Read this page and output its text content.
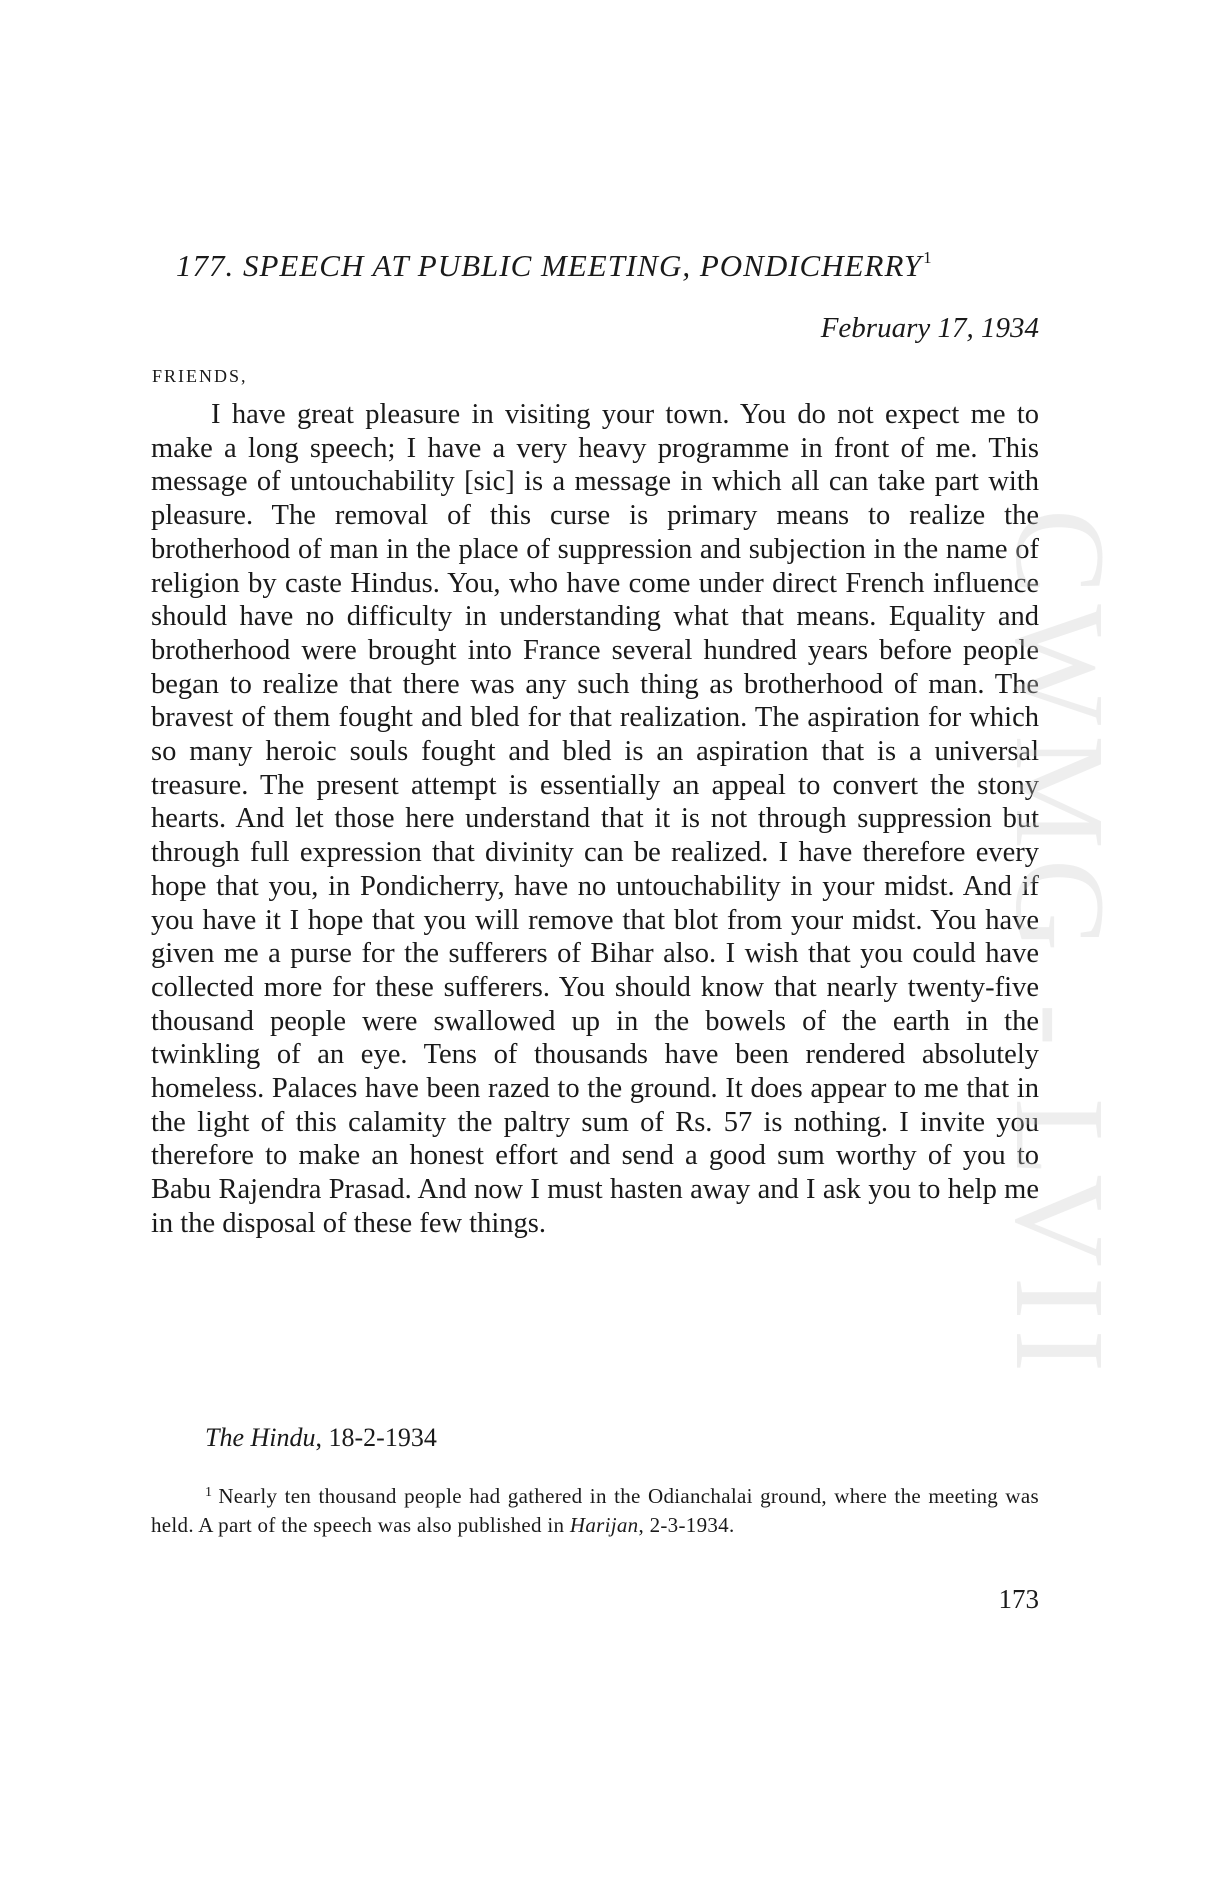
177. SPEECH AT PUBLIC MEETING, PONDICHERRY$^1$
February 17, 1934
FRIENDS,

I have great pleasure in visiting your town. You do not expect me to make a long speech; I have a very heavy programme in front of me. This message of untouchability [sic] is a message in which all can take part with pleasure. The removal of this curse is primary means to realize the brotherhood of man in the place of suppression and subjection in the name of religion by caste Hindus. You, who have come under direct French influence should have no difficulty in understanding what that means. Equality and brotherhood were brought into France several hundred years before people began to realize that there was any such thing as brotherhood of man. The bravest of them fought and bled for that realization. The aspiration for which so many heroic souls fought and bled is an aspiration that is a universal treasure. The present attempt is essentially an appeal to convert the stony hearts. And let those here understand that it is not through suppression but through full expression that divinity can be realized. I have therefore every hope that you, in Pondicherry, have no untouchability in your midst. And if you have it I hope that you will remove that blot from your midst. You have given me a purse for the sufferers of Bihar also. I wish that you could have collected more for these sufferers. You should know that nearly twenty-five thousand people were swallowed up in the bowels of the earth in the twinkling of an eye. Tens of thousands have been rendered absolutely homeless. Palaces have been razed to the ground. It does appear to me that in the light of this calamity the paltry sum of Rs. 57 is nothing. I invite you therefore to make an honest effort and send a good sum worthy of you to Babu Rajendra Prasad. And now I must hasten away and I ask you to help me in the disposal of these few things.

The Hindu, 18-2-1934

$^1$ Nearly ten thousand people had gathered in the Odianchalai ground, where the meeting was held. A part of the speech was also published in Harijan, 2-3-1934.

173
CWMG - LVII
